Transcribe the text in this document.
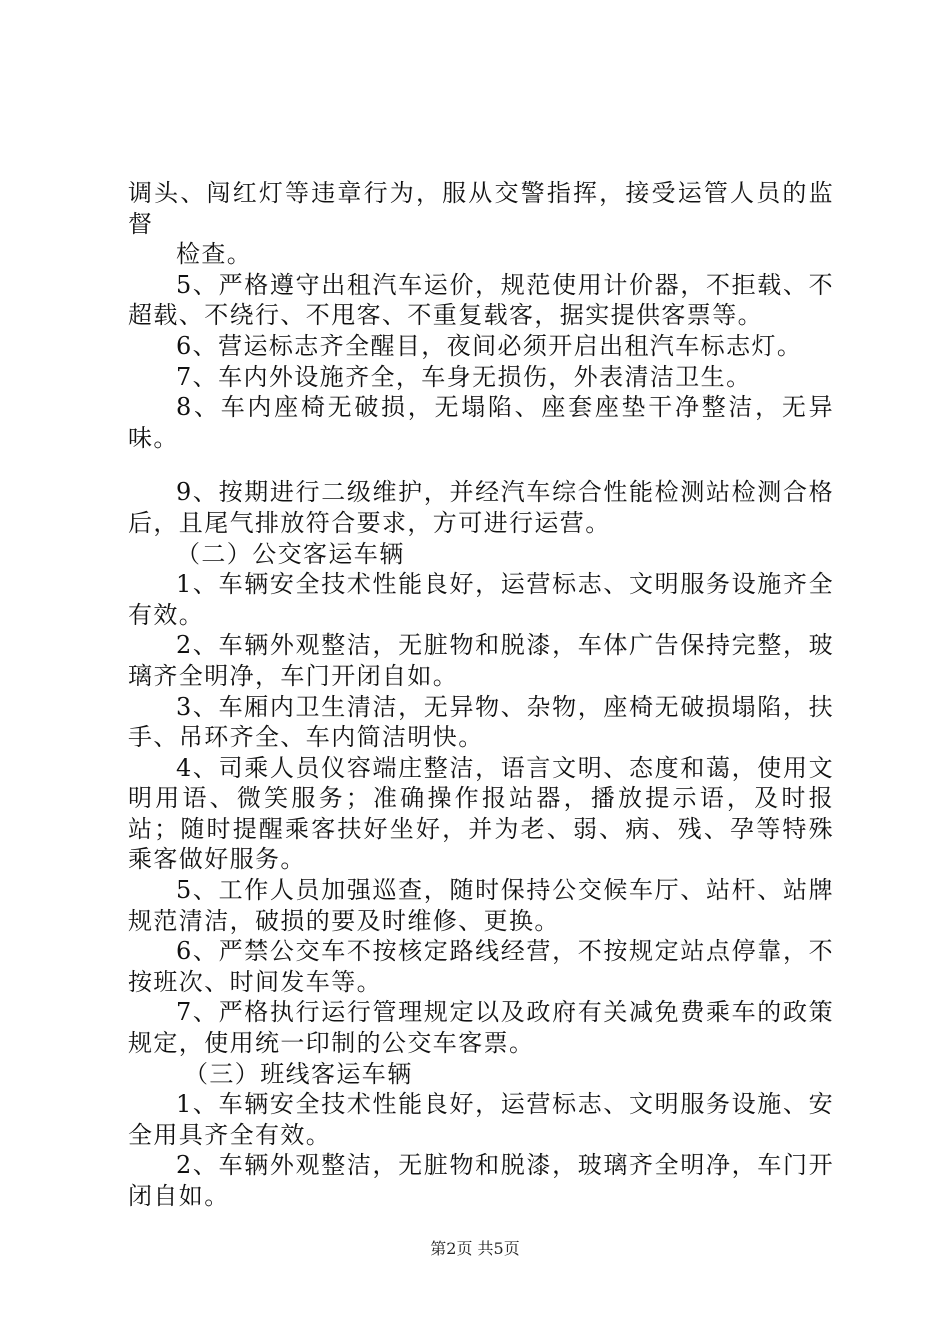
调头、闯红灯等违章行为，服从交警指挥，接受运管人员的监督

检查。

5、严格遵守出租汽车运价，规范使用计价器，不拒载、不超载、不绕行、不甩客、不重复载客，据实提供客票等。

6、营运标志齐全醒目，夜间必须开启出租汽车标志灯。

7、车内外设施齐全，车身无损伤，外表清洁卫生。

8、车内座椅无破损，无塌陷、座套座垫干净整洁，无异味。

9、按期进行二级维护，并经汽车综合性能检测站检测合格后，且尾气排放符合要求，方可进行运营。

（二）公交客运车辆

1、车辆安全技术性能良好，运营标志、文明服务设施齐全有效。

2、车辆外观整洁，无脏物和脱漆，车体广告保持完整，玻璃齐全明净，车门开闭自如。

3、车厢内卫生清洁，无异物、杂物，座椅无破损塌陷，扶手、吊环齐全、车内简洁明快。

4、司乘人员仪容端庄整洁，语言文明、态度和蔼，使用文明用语、微笑服务；准确操作报站器，播放提示语，及时报站；随时提醒乘客扶好坐好，并为老、弱、病、残、孕等特殊乘客做好服务。

5、工作人员加强巡查，随时保持公交候车厅、站杆、站牌规范清洁，破损的要及时维修、更换。

6、严禁公交车不按核定路线经营，不按规定站点停靠，不按班次、时间发车等。

7、严格执行运行管理规定以及政府有关减免费乘车的政策规定，使用统一印制的公交车客票。

（三）班线客运车辆

1、车辆安全技术性能良好，运营标志、文明服务设施、安全用具齐全有效。

2、车辆外观整洁，无脏物和脱漆，玻璃齐全明净，车门开闭自如。

第2页 共5页
